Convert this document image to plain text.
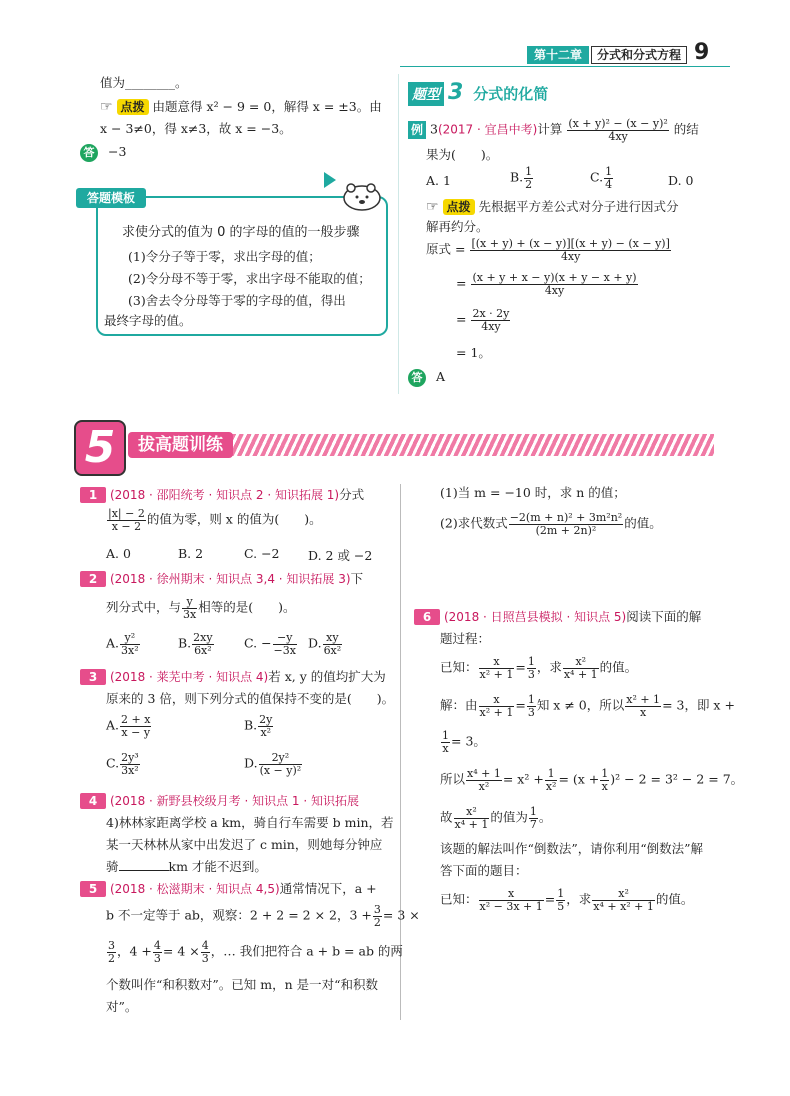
第十二章	分式和分式方程 9
值为________。
☞ 点拨 由题意得 x² − 9 = 0，解得 x = ±3。由
x − 3≠0，得 x≠3，故 x = −3。
答 −3
答题模板
求使分式的值为 0 的字母的值的一般步骤
(1)令分子等于零，求出字母的值；
(2)令分母不等于零，求出字母不能取的值；
(3)舍去令分母等于零的字母的值，得出
最终字母的值。
题型 3 分式的化简
例 3(2017 · 宜昌中考)计算 $\frac{\text{(x + y)² − (x − y)²}}{4xy}$ 的结
果为(　　)。
A. 1	B. $\frac{1}{2}$	C. $\frac{1}{4}$	D. 0
☞ 点拨 先根据平方差公式对分子进行因式分
解再约分。
原式 = $\frac{[(x + y) + (x - y)][(x + y) - (x - y)]}{4xy}$
= $\frac{(x + y + x - y)(x + y - x + y)}{4xy}$
= $\frac{2x \cdot 2y}{4xy}$
= 1。
答 A
5	拔高题训练
1 (2018 · 邵阳统考 · 知识点 2 · 知识拓展 1)分式
$\frac{|x| - 2}{x - 2}$ 的值为零，则 x 的值为(　　)。
A. 0	B. 2	C. −2 D. 2 或 −2
2 (2018 · 徐州期末 · 知识点 3,4 · 知识拓展 3)下
列分式中，与 $\frac{y}{3x}$ 相等的是(　　)。
A. $\frac{\text{y²}}{\text{3x²}}$	B. $\frac{2xy}{\text{6x²}} C$. − $\frac{-y}{-3x} D$. $\frac{xy}{\text{6x²}}$
3 (2018 · 莱芜中考 · 知识点 4)若 x, y 的值均扩大为
原来的 3 倍，则下列分式的值保持不变的是(　　)。
A. $\frac{2 + x}{x - y}$	B. $\frac{2y}{\text{x²}}$
C. $\frac{\text{2y³}}{\text{3x²}}$	D. $\frac{\text{2y²}}{\text{(x − y)²}}$
4 (2018 · 新野县校级月考 · 知识点 1 · 知识拓展
4)林林家距离学校 a km，骑自行车需要 b min，若
某一天林林从家中出发迟了 c min，则她每分钟应
骑	km 才能不迟到。
5 (2018 · 松滋期末 · 知识点 4,5)通常情况下，a +
b 不一定等于 ab，观察：2 + 2 = 2 × 2，$3 + \frac{3}{2} = 3$ ×
$\frac{3}{2}$ ，$4 + \frac{4}{3} = 4 \times \frac{4}{3}$ ，… 我们把符合 a + b = ab 的两
个数叫作“和积数对”。已知 m，n 是一对“和积数
对”。
(1)当 m = −10 时，求 n 的值；
(2)求代数式 $\frac{\text{−2(m + n)² + 3m²n²}}{\text{(2m + 2n)²}}$ 的值。
6 (2018 · 日照莒县模拟 · 知识点 5)阅读下面的解
题过程：
已知： $\frac{x}{\text{x² + 1}} = \frac{1}{3}$ ，求 $\frac{\text{x²}}{\text{x⁴ + 1}}$ 的值。
解：由 $\frac{x}{\text{x² + 1}} = \frac{1}{3}$ 知 x ≠ 0，所以 $\frac{\text{x² + 1}}{x} = 3$，即 x +
$\frac{1}{x} = 3$。
所以 $\frac{\text{x⁴ + 1}}{\text{x²}} = x^2 + \frac{1}{\text{x²}} = (x + \frac{1}{x} )^2 - 2 = 3^2 - 2 = 7$。
故 $\frac{\text{x²}}{\text{x⁴ + 1}}$ 的值为 $\frac{1}{7}$ 。
该题的解法叫作“倒数法”，请你利用“倒数法”解
答下面的题目：
已知： $\frac{x}{\text{x² − 3x + 1}} = \frac{1}{5}$ ，求 $\frac{\text{x²}}{\text{x⁴ + x² + 1}}$ 的值。
